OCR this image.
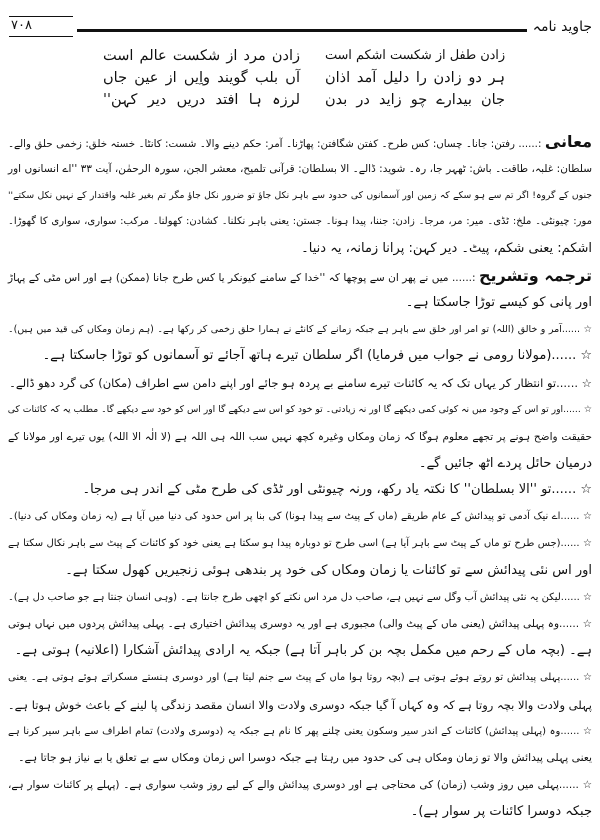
جاوید نامہ
۷۰۸
زادن طفل از شکست اشکم است
زادن مرد از شکست عالم است
ہر دو زادن را دلیل آمد اذان
آں بلب گویند واِیں از عین جاں
جان بیدارے چو زاید در بدن
لرزہ ہا افتد دریں دیر کہن''
معانی :...... رفتن: جانا۔ چساں: کس طرح۔ کفتن شگافتن: پھاڑنا۔ آمر: حکم دینے والا۔ شست: کانٹا۔ خستہ خلق: زخمی حلق والے۔
سلطان: غلبہ، طاقت۔ باش: ٹھہر جا، رہ۔ شوید: ڈالے۔ الا بسلطان: قرآنی تلمیح، معشر الجن، سورہ الرحمٰن، آیت ۳۳ ''اے انسانوں اور
جنوں کے گروہ! اگر تم سے ہو سکے کہ زمین اور آسمانوں کی حدود سے باہر نکل جاؤ تو ضرور نکل جاؤ مگر تم بغیر غلبہ واقتدار کے نہیں نکل سکتے''
مور: چیونٹی۔ ملخ: ٹڈی۔ میر: مر، مرجا۔ زادن: جننا، پیدا ہونا۔ جستن: یعنی باہر نکلنا۔ کشادن: کھولنا۔ مرکب: سواری، سواری کا گھوڑا۔
اشکم: یعنی شکم، پیٹ۔ دیر کہن: پرانا زمانہ، یہ دنیا۔
ترجمہ وتشریح :...... میں نے پھر ان سے پوچھا کہ ''خدا کے سامنے کیونکر یا کس طرح جانا (ممکن) ہے اور اس مٹی کے پہاڑ
اور پانی کو کیسے توڑا جاسکتا ہے۔
☆ ......آمر و خالق (اللہ) تو امر اور خلق سے باہر ہے جبکہ زمانے کے کانٹے نے ہمارا حلق زخمی کر رکھا ہے۔ (ہم زمان ومکاں کی قید میں ہیں)۔
☆ ......(مولانا رومی نے جواب میں فرمایا) اگر سلطان تیرے ہاتھ آجائے تو آسمانوں کو توڑا جاسکتا ہے۔
☆ ......تو انتظار کر یہاں تک کہ یہ کائنات تیرے سامنے بے پردہ ہو جائے اور اپنے دامن سے اطراف (مکان) کی گرد دھو ڈالے۔
☆ ......اور تو اس کے وجود میں نہ کوئی کمی دیکھے گا اور نہ زیادتی۔ تو خود کو اس سے دیکھے گا اور اس کو خود سے دیکھے گا۔ مطلب یہ کہ کائنات کی
حقیقت واضح ہونے پر تجھے معلوم ہوگا کہ زمان ومکاں وغیرہ کچھ نہیں سب اللہ ہی اللہ ہے (لا الٰہ الا اللہ) یوں تیرے اور مولانا کے
درمیان حائل پردے اٹھ جائیں گے۔
☆ ......تو ''الا بسلطان'' کا نکتہ یاد رکھ، ورنہ چیونٹی اور ٹڈی کی طرح مٹی کے اندر ہی مرجا۔
☆ ......اے نیک آدمی تو پیدائش کے عام طریقے (ماں کے پیٹ سے پیدا ہونا) کی بنا پر اس حدود کی دنیا میں آیا ہے (یہ زمان ومکاں کی دنیا)۔
☆ ......(جس طرح تو ماں کے پیٹ سے باہر آیا ہے) اسی طرح تو دوبارہ پیدا ہو سکتا ہے یعنی خود کو کائنات کے پیٹ سے باہر نکال سکتا ہے
اور اس نئی پیدائش سے تو کائنات یا زمان ومکاں کی خود پر بندھی ہوئی زنجیریں کھول سکتا ہے۔
☆ ......لیکن یہ نئی پیدائش آب وگل سے نہیں ہے، صاحب دل مرد اس نکتے کو اچھی طرح جانتا ہے۔ (وہی انسان جنتا ہے جو صاحب دل ہے)۔
☆ ......وہ پہلی پیدائش (یعنی ماں کے پیٹ والی) مجبوری ہے اور یہ دوسری پیدائش اختیاری ہے۔ پہلی پیدائش پردوں میں نہاں ہوتی
ہے۔ (بچہ ماں کے رحم میں مکمل بچہ بن کر باہر آتا ہے) جبکہ یہ ارادی پیدائش آشکارا (اعلانیہ) ہوتی ہے۔
☆ ......پہلی پیدائش تو روتے ہوئے ہوتی ہے (بچہ روتا ہوا ماں کے پیٹ سے جنم لیتا ہے) اور دوسری ہنستے مسکراتے ہوئے ہوتی ہے۔ یعنی
پہلی ولادت والا بچہ روتا ہے کہ وہ کہاں آ گیا جبکہ دوسری ولادت والا انسان مقصد زندگی پا لینے کے باعث خوش ہوتا ہے۔
☆ ......وہ (پہلی پیدائش) کائنات کے اندر سیر وسکون یعنی چلنے پھر کا نام ہے جبکہ یہ (دوسری ولادت) تمام اطراف سے باہر سیر کرنا ہے
یعنی پہلی پیدائش والا تو زمان ومکاں ہی کی حدود میں رہتا ہے جبکہ دوسرا اس زمان ومکاں سے بے تعلق یا بے نیاز ہو جاتا ہے۔
☆ ......پہلی میں روز وشب (زمان) کی محتاجی ہے اور دوسری پیدائش والے کے لیے روز وشب سواری ہے۔ (پہلے پر کائنات سوار ہے،
جبکہ دوسرا کائنات پر سوار ہے)۔
